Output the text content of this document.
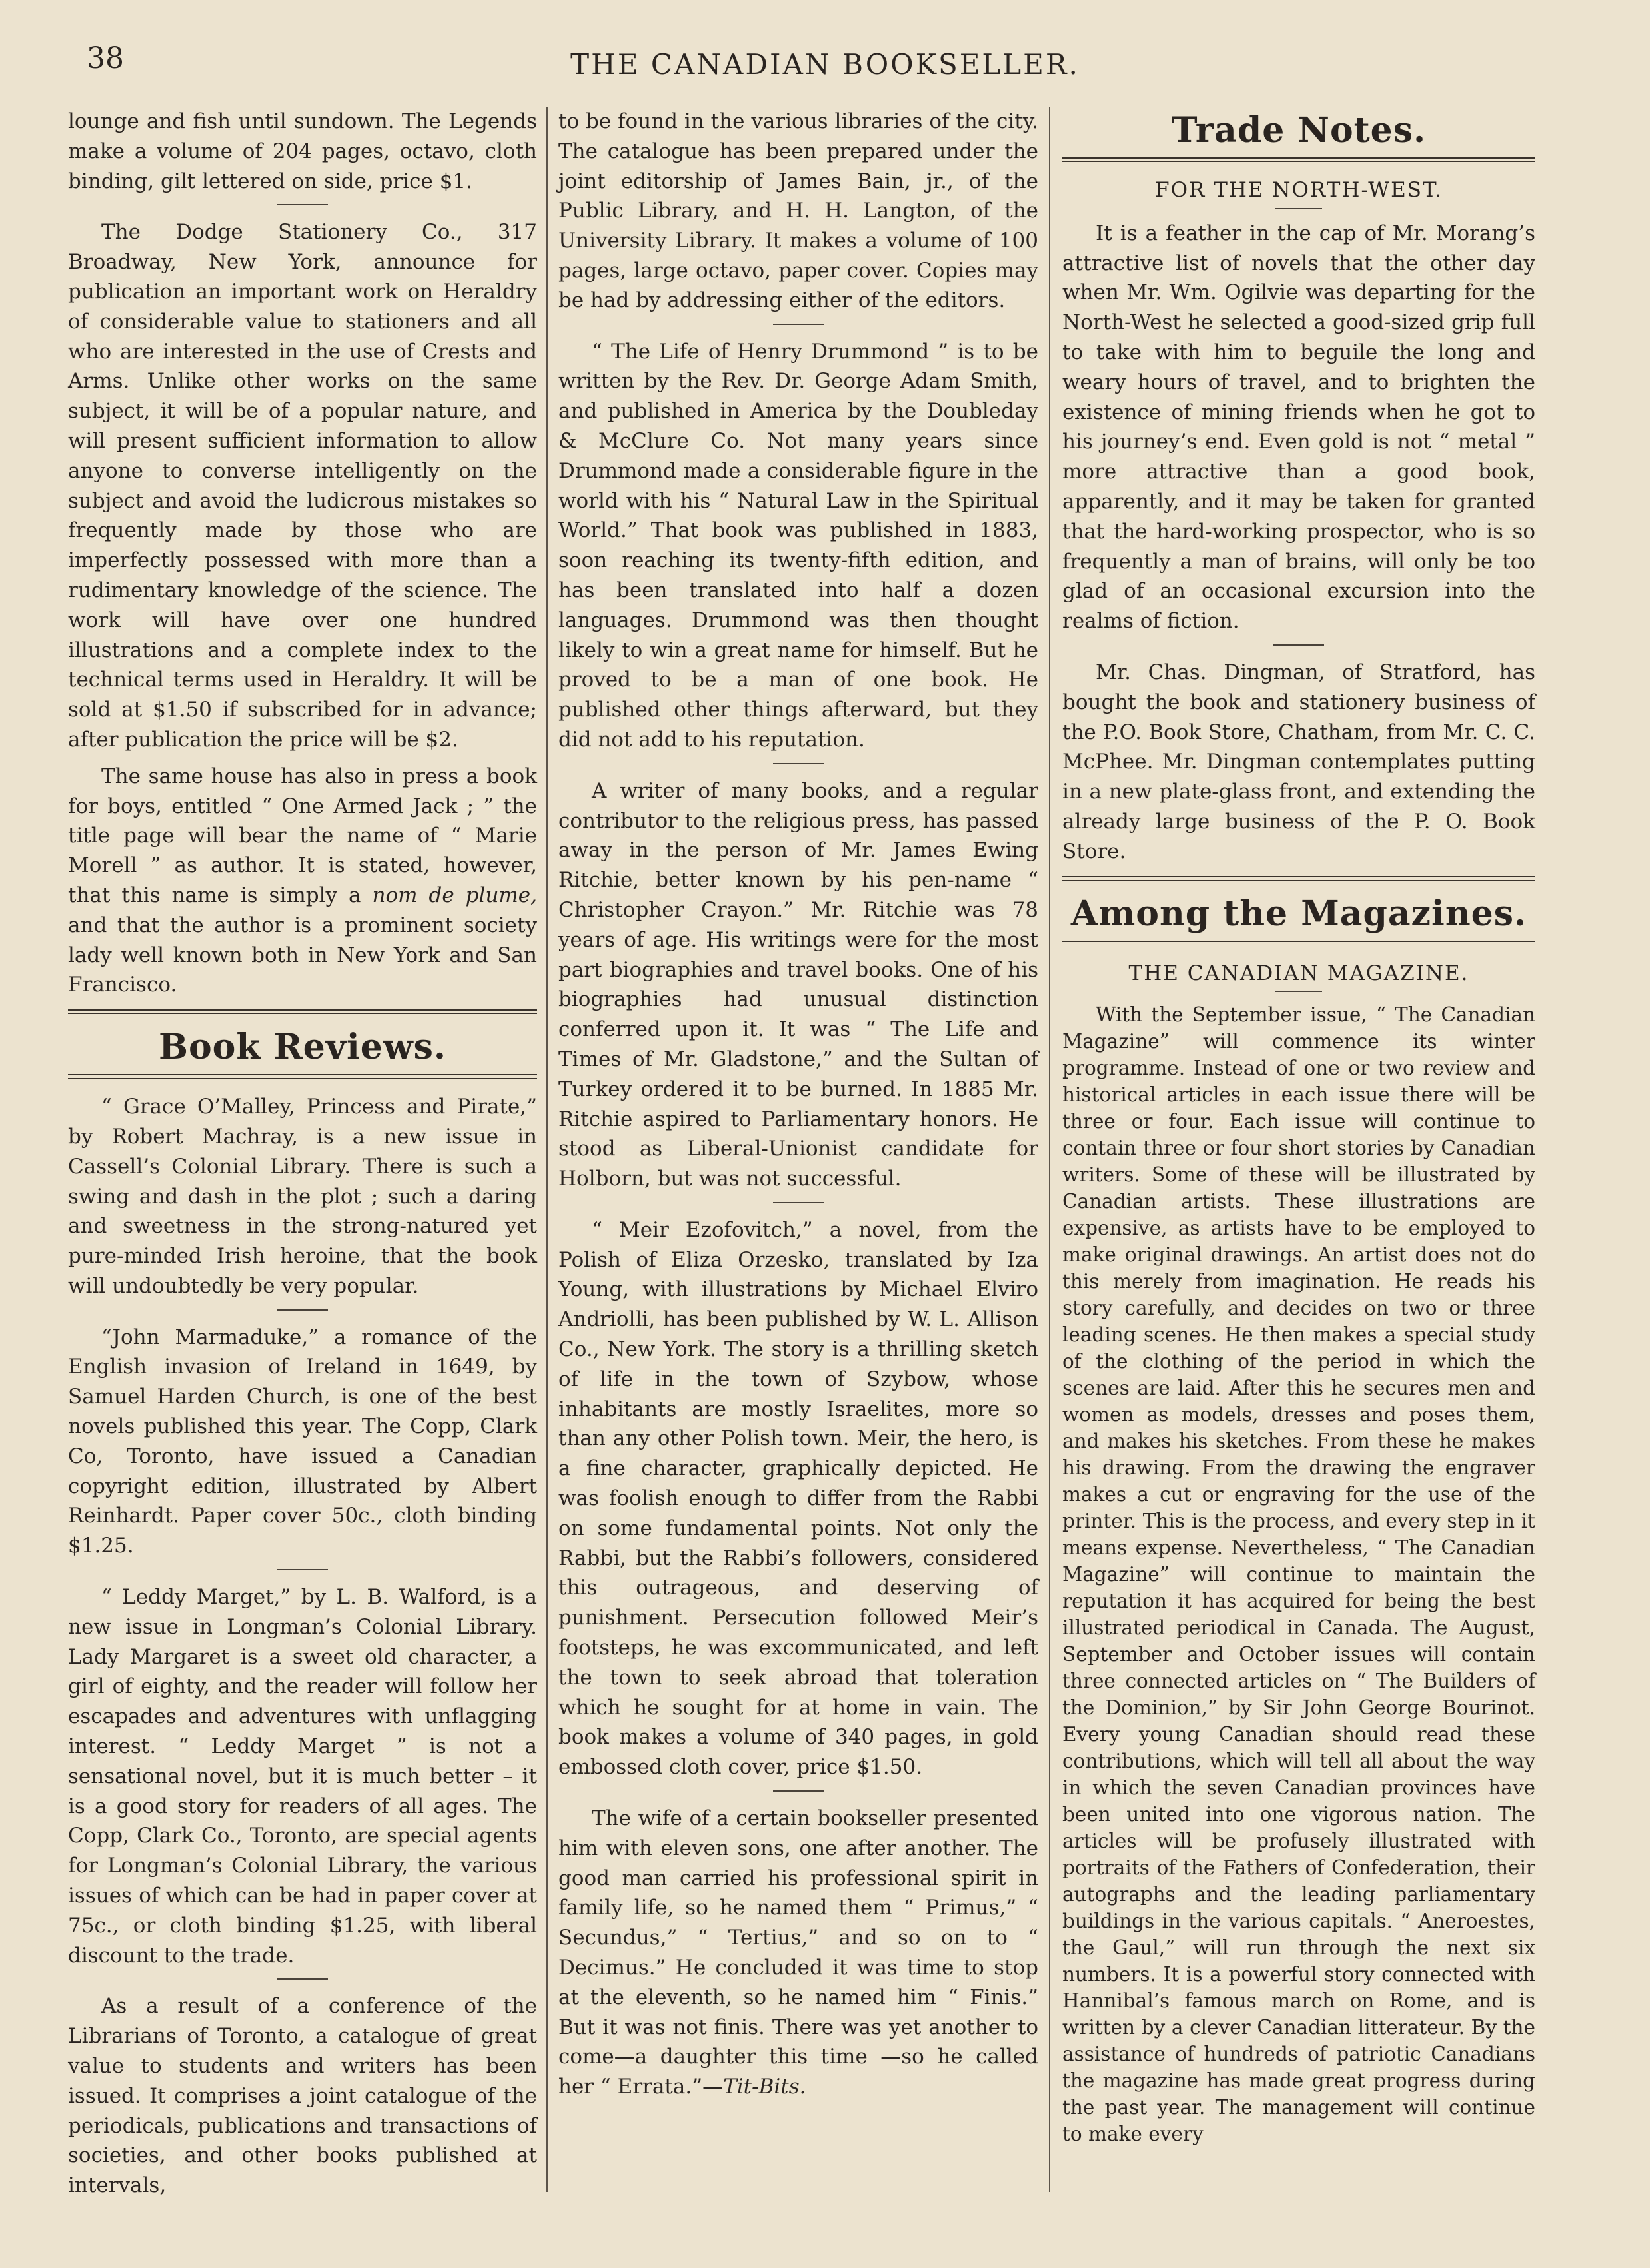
38	THE CANADIAN BOOKSELLER.

lounge and fish until sundown. The Legends make a volume of 204 pages, octavo, cloth binding, gilt lettered on side, price $1.

The Dodge Stationery Co., 317 Broadway, New York, announce for publication an important work on Heraldry of considerable value to stationers and all who are interested in the use of Crests and Arms. Unlike other works on the same subject, it will be of a popular nature, and will present sufficient information to allow anyone to converse intelligently on the subject and avoid the ludicrous mistakes so frequently made by those who are imperfectly possessed with more than a rudimentary knowledge of the science. The work will have over one hundred illustrations and a complete index to the technical terms used in Heraldry. It will be sold at $1.50 if subscribed for in advance; after publication the price will be $2.

The same house has also in press a book for boys, entitled “ One Armed Jack ; ” the title page will bear the name of “ Marie Morell ” as author. It is stated, however, that this name is simply a nom de plume, and that the author is a prominent society lady well known both in New York and San Francisco.

Book Reviews.

“ Grace O’Malley, Princess and Pirate,” by Robert Machray, is a new issue in Cassell’s Colonial Library. There is such a swing and dash in the plot ; such a daring and sweetness in the strong-natured yet pure-minded Irish heroine, that the book will undoubtedly be very popular.

“John Marmaduke,” a romance of the English invasion of Ireland in 1649, by Samuel Harden Church, is one of the best novels published this year. The Copp, Clark Co, Toronto, have issued a Canadian copyright edition, illustrated by Albert Reinhardt. Paper cover 50c., cloth binding $1.25.

“ Leddy Marget,” by L. B. Walford, is a new issue in Longman’s Colonial Library. Lady Margaret is a sweet old character, a girl of eighty, and the reader will follow her escapades and adventures with unflagging interest. “ Leddy Marget ” is not a sensational novel, but it is much better – it is a good story for readers of all ages. The Copp, Clark Co., Toronto, are special agents for Longman’s Colonial Library, the various issues of which can be had in paper cover at 75c., or cloth binding $1.25, with liberal discount to the trade.

As a result of a conference of the Librarians of Toronto, a catalogue of great value to students and writers has been issued. It comprises a joint catalogue of the periodicals, publications and transactions of societies, and other books published at intervals,

to be found in the various libraries of the city. The catalogue has been prepared under the joint editorship of James Bain, jr., of the Public Library, and H. H. Langton, of the University Library. It makes a volume of 100 pages, large octavo, paper cover. Copies may be had by addressing either of the editors.

“ The Life of Henry Drummond ” is to be written by the Rev. Dr. George Adam Smith, and published in America by the Doubleday & McClure Co. Not many years since Drummond made a considerable figure in the world with his “ Natural Law in the Spiritual World.” That book was published in 1883, soon reaching its twenty-fifth edition, and has been translated into half a dozen languages. Drummond was then thought likely to win a great name for himself. But he proved to be a man of one book. He published other things afterward, but they did not add to his reputation.

A writer of many books, and a regular contributor to the religious press, has passed away in the person of Mr. James Ewing Ritchie, better known by his pen-name “ Christopher Crayon.” Mr. Ritchie was 78 years of age. His writings were for the most part biographies and travel books. One of his biographies had unusual distinction conferred upon it. It was “ The Life and Times of Mr. Gladstone,” and the Sultan of Turkey ordered it to be burned. In 1885 Mr. Ritchie aspired to Parliamentary honors. He stood as Liberal-Unionist candidate for Holborn, but was not successful.

“ Meir Ezofovitch,” a novel, from the Polish of Eliza Orzesko, translated by Iza Young, with illustrations by Michael Elviro Andriolli, has been published by W. L. Allison Co., New York. The story is a thrilling sketch of life in the town of Szybow, whose inhabitants are mostly Israelites, more so than any other Polish town. Meir, the hero, is a fine character, graphically depicted. He was foolish enough to differ from the Rabbi on some fundamental points. Not only the Rabbi, but the Rabbi’s followers, considered this outrageous, and deserving of punishment. Persecution followed Meir’s footsteps, he was excommunicated, and left the town to seek abroad that toleration which he sought for at home in vain. The book makes a volume of 340 pages, in gold embossed cloth cover, price $1.50.

The wife of a certain bookseller presented him with eleven sons, one after another. The good man carried his professional spirit in family life, so he named them “ Primus,” “ Secundus,” “ Tertius,” and so on to “ Decimus.” He concluded it was time to stop at the eleventh, so he named him “ Finis.” But it was not finis. There was yet another to come—a daughter this time —so he called her “ Errata.”—Tit-Bits.

Trade Notes.
FOR THE NORTH-WEST.

It is a feather in the cap of Mr. Morang’s attractive list of novels that the other day when Mr. Wm. Ogilvie was departing for the North-West he selected a good-sized grip full to take with him to beguile the long and weary hours of travel, and to brighten the existence of mining friends when he got to his journey’s end. Even gold is not “ metal ” more attractive than a good book, apparently, and it may be taken for granted that the hard-working prospector, who is so frequently a man of brains, will only be too glad of an occasional excursion into the realms of fiction.

Mr. Chas. Dingman, of Stratford, has bought the book and stationery business of the P.O. Book Store, Chatham, from Mr. C. C. McPhee. Mr. Dingman contemplates putting in a new plate-glass front, and extending the already large business of the P. O. Book Store.

Among the Magazines.
THE CANADIAN MAGAZINE.

With the September issue, “ The Canadian Magazine” will commence its winter programme. Instead of one or two review and historical articles in each issue there will be three or four. Each issue will continue to contain three or four short stories by Canadian writers. Some of these will be illustrated by Canadian artists. These illustrations are expensive, as artists have to be employed to make original drawings. An artist does not do this merely from imagination. He reads his story carefully, and decides on two or three leading scenes. He then makes a special study of the clothing of the period in which the scenes are laid. After this he secures men and women as models, dresses and poses them, and makes his sketches. From these he makes his drawing. From the drawing the engraver makes a cut or engraving for the use of the printer. This is the process, and every step in it means expense. Nevertheless, “ The Canadian Magazine” will continue to maintain the reputation it has acquired for being the best illustrated periodical in Canada. The August, September and October issues will contain three connected articles on “ The Builders of the Dominion,” by Sir John George Bourinot. Every young Canadian should read these contributions, which will tell all about the way in which the seven Canadian provinces have been united into one vigorous nation. The articles will be profusely illustrated with portraits of the Fathers of Confederation, their autographs and the leading parliamentary buildings in the various capitals. “ Aneroestes, the Gaul,” will run through the next six numbers. It is a powerful story connected with Hannibal’s famous march on Rome, and is written by a clever Canadian litterateur. By the assistance of hundreds of patriotic Canadians the magazine has made great progress during the past year. The management will continue to make every
